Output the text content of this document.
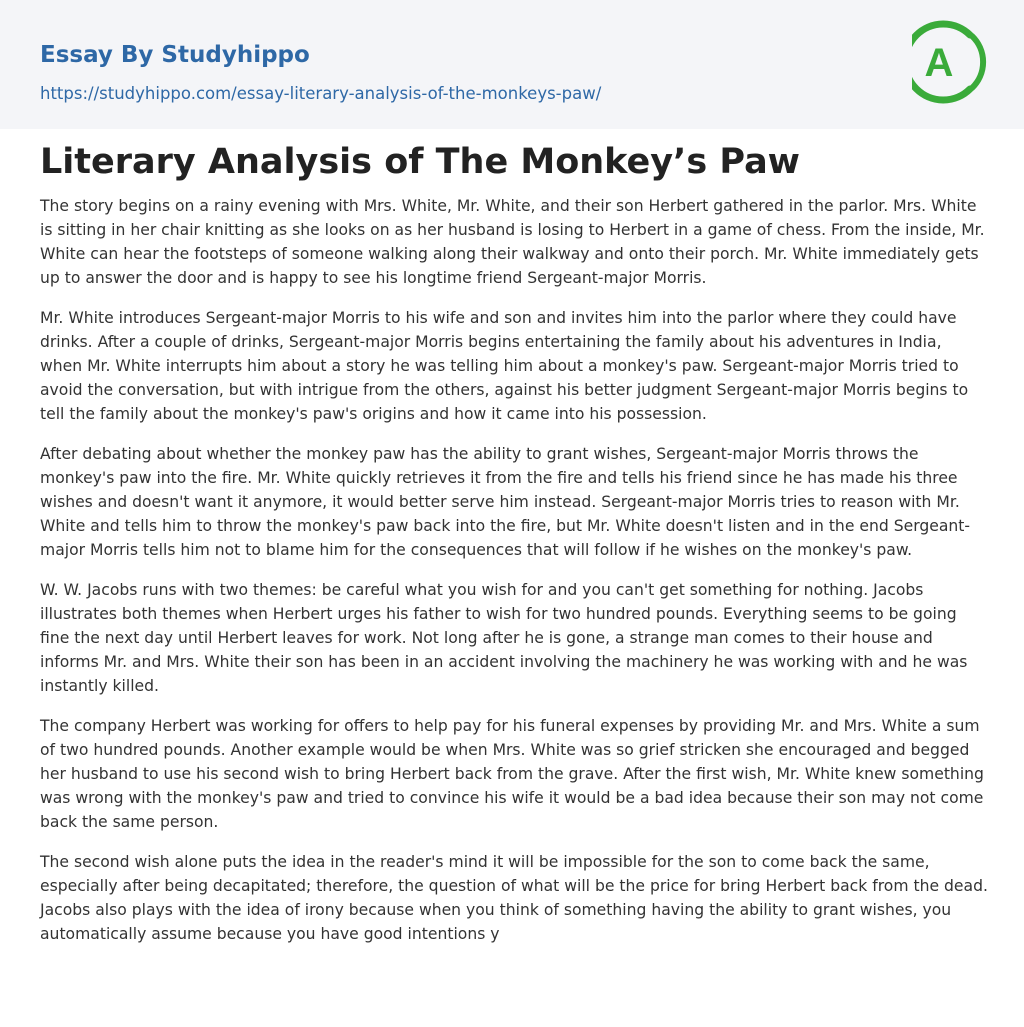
Essay By Studyhippo
https://studyhippo.com/essay-literary-analysis-of-the-monkeys-paw/
A
Literary Analysis of The Monkey’s Paw

The story begins on a rainy evening with Mrs. White, Mr. White, and their son Herbert gathered in the parlor. Mrs. White is sitting in her chair knitting as she looks on as her husband is losing to Herbert in a game of chess. From the inside, Mr. White can hear the footsteps of someone walking along their walkway and onto their porch. Mr. White immediately gets up to answer the door and is happy to see his longtime friend Sergeant-major Morris.

Mr. White introduces Sergeant-major Morris to his wife and son and invites him into the parlor where they could have drinks. After a couple of drinks, Sergeant-major Morris begins entertaining the family about his adventures in India, when Mr. White interrupts him about a story he was telling him about a monkey's paw. Sergeant-major Morris tried to avoid the conversation, but with intrigue from the others, against his better judgment Sergeant-major Morris begins to tell the family about the monkey's paw's origins and how it came into his possession.

After debating about whether the monkey paw has the ability to grant wishes, Sergeant-major Morris throws the monkey's paw into the fire. Mr. White quickly retrieves it from the fire and tells his friend since he has made his three wishes and doesn't want it anymore, it would better serve him instead. Sergeant-major Morris tries to reason with Mr. White and tells him to throw the monkey's paw back into the fire, but Mr. White doesn't listen and in the end Sergeant-major Morris tells him not to blame him for the consequences that will follow if he wishes on the monkey's paw.

W. W. Jacobs runs with two themes: be careful what you wish for and you can't get something for nothing. Jacobs illustrates both themes when Herbert urges his father to wish for two hundred pounds. Everything seems to be going fine the next day until Herbert leaves for work. Not long after he is gone, a strange man comes to their house and informs Mr. and Mrs. White their son has been in an accident involving the machinery he was working with and he was instantly killed.

The company Herbert was working for offers to help pay for his funeral expenses by providing Mr. and Mrs. White a sum of two hundred pounds. Another example would be when Mrs. White was so grief stricken she encouraged and begged her husband to use his second wish to bring Herbert back from the grave. After the first wish, Mr. White knew something was wrong with the monkey's paw and tried to convince his wife it would be a bad idea because their son may not come back the same person.

The second wish alone puts the idea in the reader's mind it will be impossible for the son to come back the same, especially after being decapitated; therefore, the question of what will be the price for bring Herbert back from the dead. Jacobs also plays with the idea of irony because when you think of something having the ability to grant wishes, you automatically assume because you have good intentions y
